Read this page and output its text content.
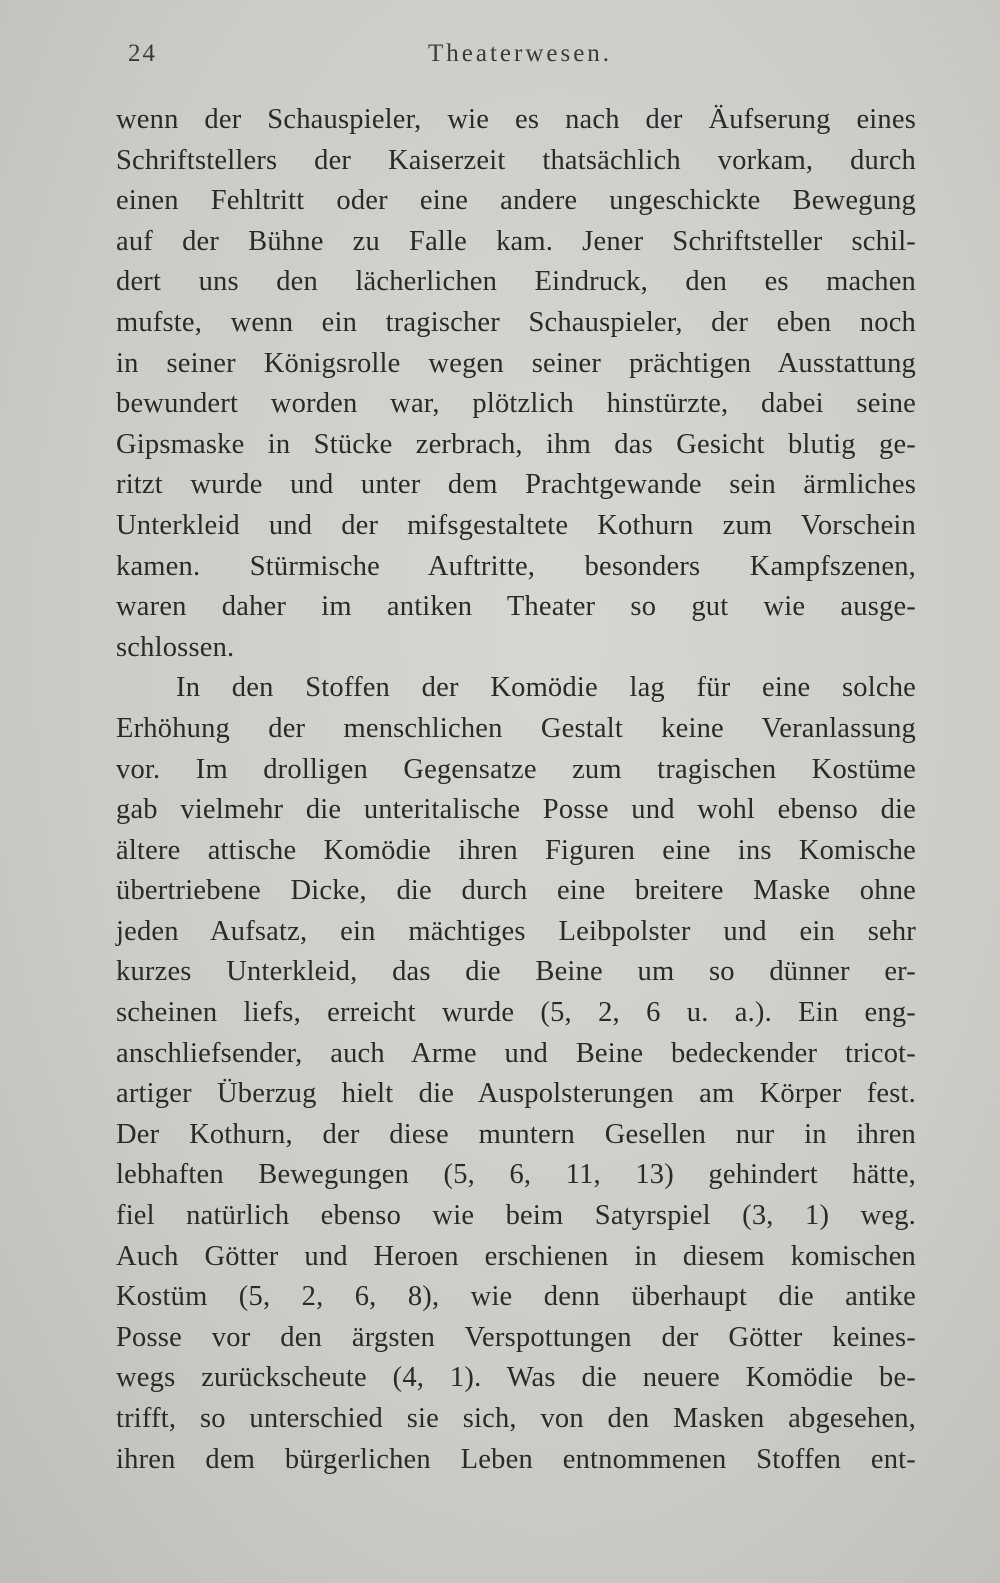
24	Theaterwesen.
wenn der Schauspieler, wie es nach der Äufserung eines
Schriftstellers der Kaiserzeit thatsächlich vorkam, durch
einen Fehltritt oder eine andere ungeschickte Bewegung
auf der Bühne zu Falle kam. Jener Schriftsteller schil-
dert uns den lächerlichen Eindruck, den es machen
mufste, wenn ein tragischer Schauspieler, der eben noch
in seiner Königsrolle wegen seiner prächtigen Ausstattung
bewundert worden war, plötzlich hinstürzte, dabei seine
Gipsmaske in Stücke zerbrach, ihm das Gesicht blutig ge-
ritzt wurde und unter dem Prachtgewande sein ärmliches
Unterkleid und der mifsgestaltete Kothurn zum Vorschein
kamen. Stürmische Auftritte, besonders Kampfszenen,
waren daher im antiken Theater so gut wie ausge-
schlossen.
In den Stoffen der Komödie lag für eine solche
Erhöhung der menschlichen Gestalt keine Veranlassung
vor. Im drolligen Gegensatze zum tragischen Kostüme
gab vielmehr die unteritalische Posse und wohl ebenso die
ältere attische Komödie ihren Figuren eine ins Komische
übertriebene Dicke, die durch eine breitere Maske ohne
jeden Aufsatz, ein mächtiges Leibpolster und ein sehr
kurzes Unterkleid, das die Beine um so dünner er-
scheinen liefs, erreicht wurde (5, 2, 6 u. a.). Ein eng-
anschliefsender, auch Arme und Beine bedeckender tricot-
artiger Überzug hielt die Auspolsterungen am Körper fest.
Der Kothurn, der diese muntern Gesellen nur in ihren
lebhaften Bewegungen (5, 6, 11, 13) gehindert hätte,
fiel natürlich ebenso wie beim Satyrspiel (3, 1) weg.
Auch Götter und Heroen erschienen in diesem komischen
Kostüm (5, 2, 6, 8), wie denn überhaupt die antike
Posse vor den ärgsten Verspottungen der Götter keines-
wegs zurückscheute (4, 1). Was die neuere Komödie be-
trifft, so unterschied sie sich, von den Masken abgesehen,
ihren dem bürgerlichen Leben entnommenen Stoffen ent-
